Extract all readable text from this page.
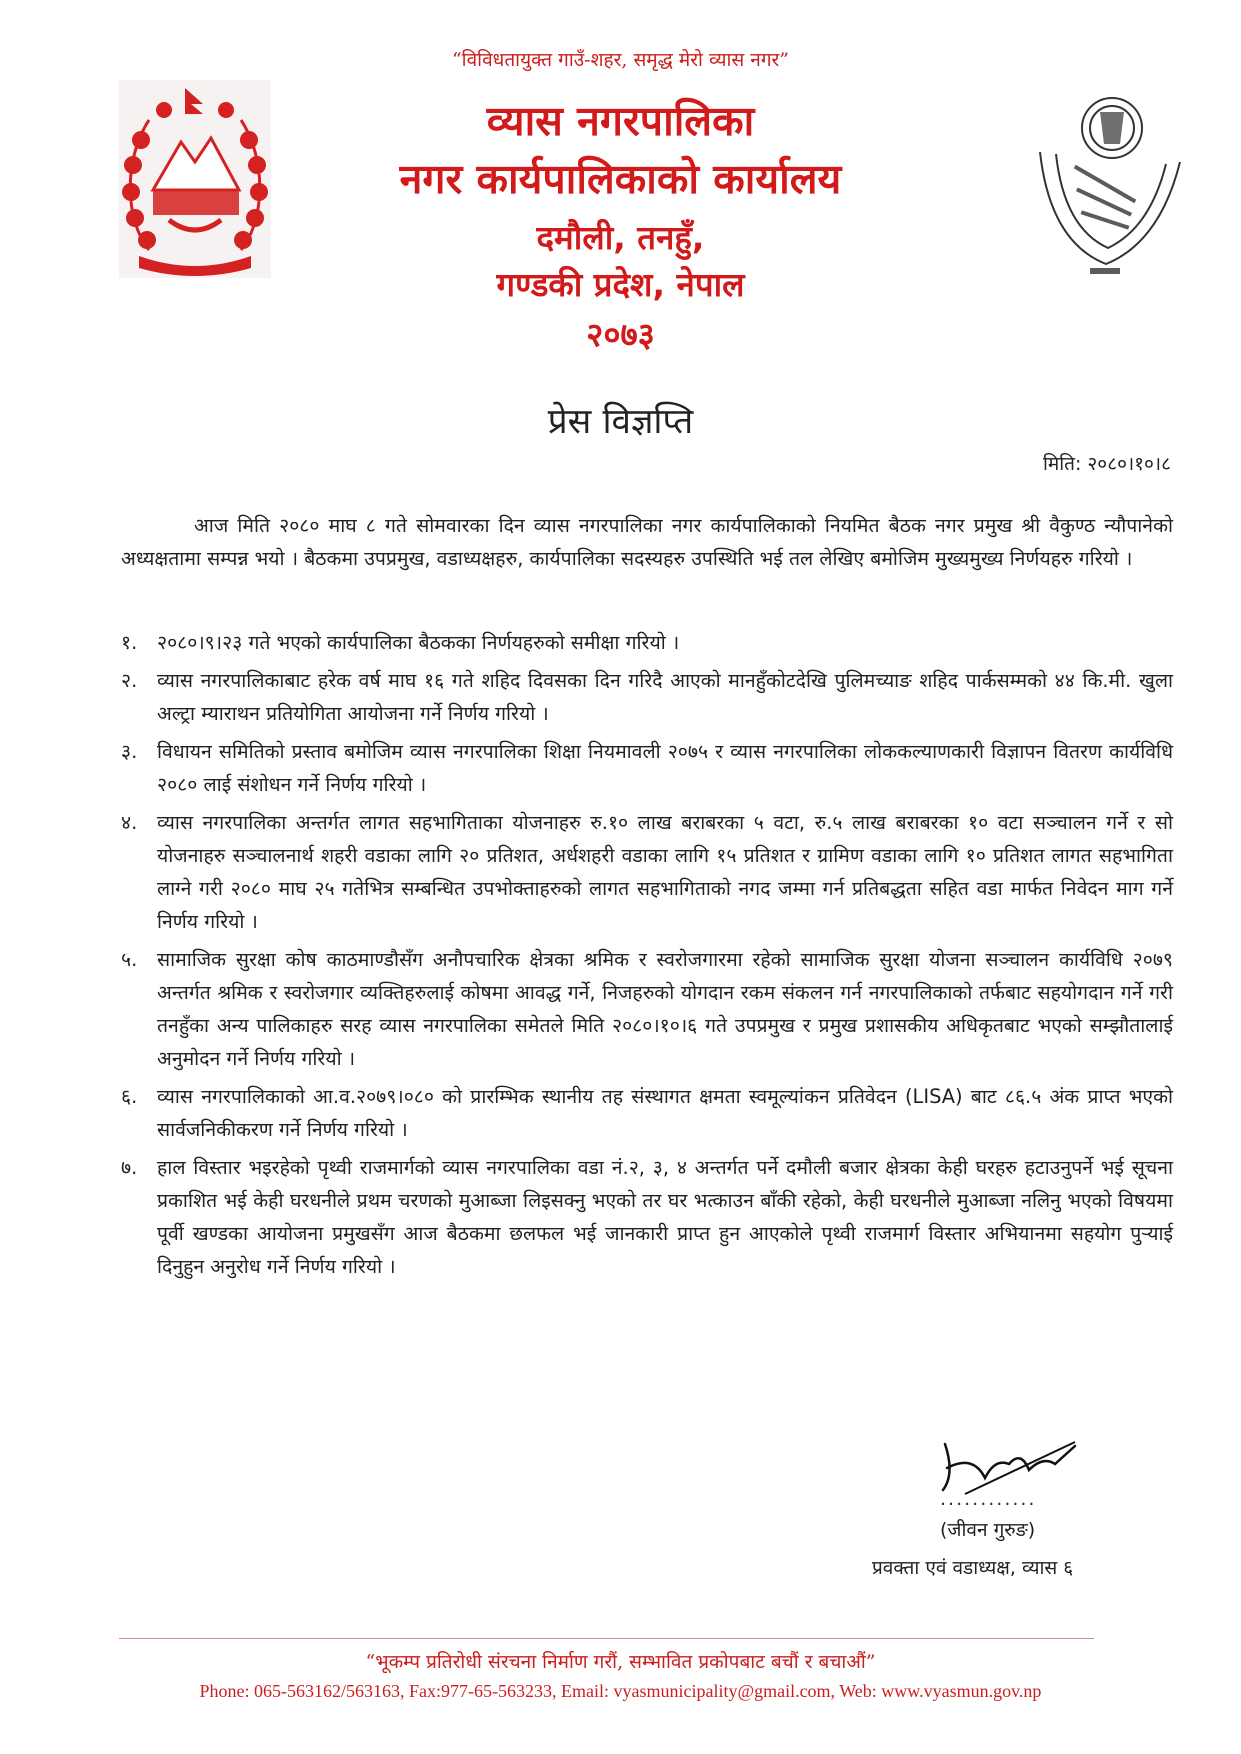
“विविधतायुक्त गाउँ-शहर, समृद्ध मेरो व्यास नगर”
व्यास नगरपालिका
नगर कार्यपालिकाको कार्यालय
दमौली, तनहुँ,
गण्डकी प्रदेश, नेपाल
२०७३
प्रेस विज्ञप्ति
मिति: २०८०।१०।८

आज मिति २०८० माघ ८ गते सोमवारका दिन व्यास नगरपालिका नगर कार्यपालिकाको नियमित बैठक नगर प्रमुख श्री वैकुण्ठ न्यौपानेको अध्यक्षतामा सम्पन्न भयो । बैठकमा उपप्रमुख, वडाध्यक्षहरु, कार्यपालिका सदस्यहरु उपस्थिति भई तल लेखिए बमोजिम मुख्यमुख्य निर्णयहरु गरियो ।

१. २०८०।९।२३ गते भएको कार्यपालिका बैठकका निर्णयहरुको समीक्षा गरियो ।
२. व्यास नगरपालिकाबाट हरेक वर्ष माघ १६ गते शहिद दिवसका दिन गरिदै आएको मानहुँकोटदेखि पुलिमच्याङ शहिद पार्कसम्मको ४४ कि.मी. खुला अल्ट्रा म्याराथन प्रतियोगिता आयोजना गर्ने निर्णय गरियो ।
३. विधायन समितिको प्रस्ताव बमोजिम व्यास नगरपालिका शिक्षा नियमावली २०७५ र व्यास नगरपालिका लोककल्याणकारी विज्ञापन वितरण कार्यविधि २०८० लाई संशोधन गर्ने निर्णय गरियो ।
४. व्यास नगरपालिका अन्तर्गत लागत सहभागिताका योजनाहरु रु.१० लाख बराबरका ५ वटा, रु.५ लाख बराबरका १० वटा सञ्चालन गर्ने र सो योजनाहरु सञ्चालनार्थ शहरी वडाका लागि २० प्रतिशत, अर्धशहरी वडाका लागि १५ प्रतिशत र ग्रामिण वडाका लागि १० प्रतिशत लागत सहभागिता लाग्ने गरी २०८० माघ २५ गतेभित्र सम्बन्धित उपभोक्ताहरुको लागत सहभागिताको नगद जम्मा गर्न प्रतिबद्धता सहित वडा मार्फत निवेदन माग गर्ने निर्णय गरियो ।
५. सामाजिक सुरक्षा कोष काठमाण्डौसँग अनौपचारिक क्षेत्रका श्रमिक र स्वरोजगारमा रहेको सामाजिक सुरक्षा योजना सञ्चालन कार्यविधि २०७९ अन्तर्गत श्रमिक र स्वरोजगार व्यक्तिहरुलाई कोषमा आवद्ध गर्ने, निजहरुको योगदान रकम संकलन गर्न नगरपालिकाको तर्फबाट सहयोगदान गर्ने गरी तनहुँका अन्य पालिकाहरु सरह व्यास नगरपालिका समेतले मिति २०८०।१०।६ गते उपप्रमुख र प्रमुख प्रशासकीय अधिकृतबाट भएको सम्झौतालाई अनुमोदन गर्ने निर्णय गरियो ।
६. व्यास नगरपालिकाको आ.व.२०७९।०८० को प्रारम्भिक स्थानीय तह संस्थागत क्षमता स्वमूल्यांकन प्रतिवेदन (LISA) बाट ८६.५ अंक प्राप्त भएको सार्वजनिकीकरण गर्ने निर्णय गरियो ।
७. हाल विस्तार भइरहेको पृथ्वी राजमार्गको व्यास नगरपालिका वडा नं.२, ३, ४ अन्तर्गत पर्ने दमौली बजार क्षेत्रका केही घरहरु हटाउनुपर्ने भई सूचना प्रकाशित भई केही घरधनीले प्रथम चरणको मुआब्जा लिइसक्नु भएको तर घर भत्काउन बाँकी रहेको, केही घरधनीले मुआब्जा नलिनु भएको विषयमा पूर्वी खण्डका आयोजना प्रमुखसँग आज बैठकमा छलफल भई जानकारी प्राप्त हुन आएकोले पृथ्वी राजमार्ग विस्तार अभियानमा सहयोग पुऱ्याई दिनुहुन अनुरोध गर्ने निर्णय गरियो ।
............
(जीवन गुरुङ)
प्रवक्ता एवं वडाध्यक्ष, व्यास ६
“भूकम्प प्रतिरोधी संरचना निर्माण गरौं, सम्भावित प्रकोपबाट बचौं र बचाऔं”
Phone: 065-563162/563163, Fax:977-65-563233, Email: vyasmunicipality@gmail.com, Web: www.vyasmun.gov.np
